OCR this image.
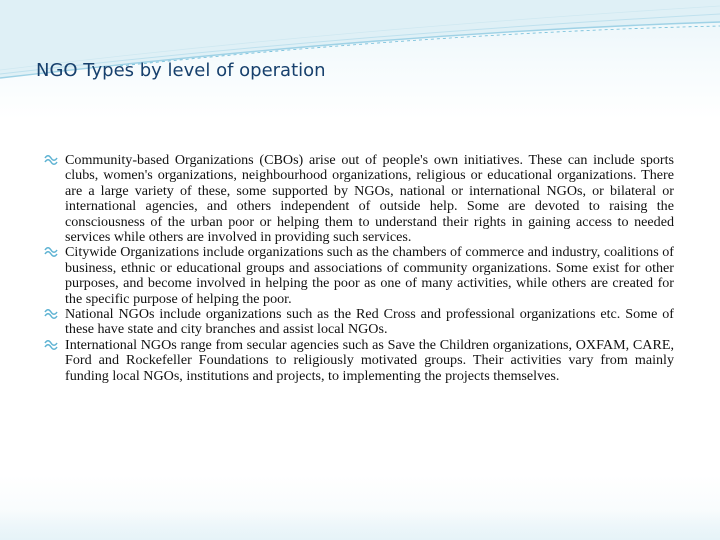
NGO Types by level of operation

Community-based Organizations (CBOs) arise out of people's own initiatives. These can include sports clubs, women's organizations, neighbourhood organizations, religious or educational organizations. There are a large variety of these, some supported by NGOs, national or international NGOs, or bilateral or international agencies, and others independent of outside help. Some are devoted to raising the consciousness of the urban poor or helping them to understand their rights in gaining access to needed services while others are involved in providing such services.

Citywide Organizations include organizations such as the chambers of commerce and industry, coalitions of business, ethnic or educational groups and associations of community organizations. Some exist for other purposes, and become involved in helping the poor as one of many activities, while others are created for the specific purpose of helping the poor.

National NGOs include organizations such as the Red Cross and professional organizations etc. Some of these have state and city branches and assist local NGOs.

International NGOs range from secular agencies such as Save the Children organizations, OXFAM, CARE, Ford and Rockefeller Foundations to religiously motivated groups. Their activities vary from mainly funding local NGOs, institutions and projects, to implementing the projects themselves.
